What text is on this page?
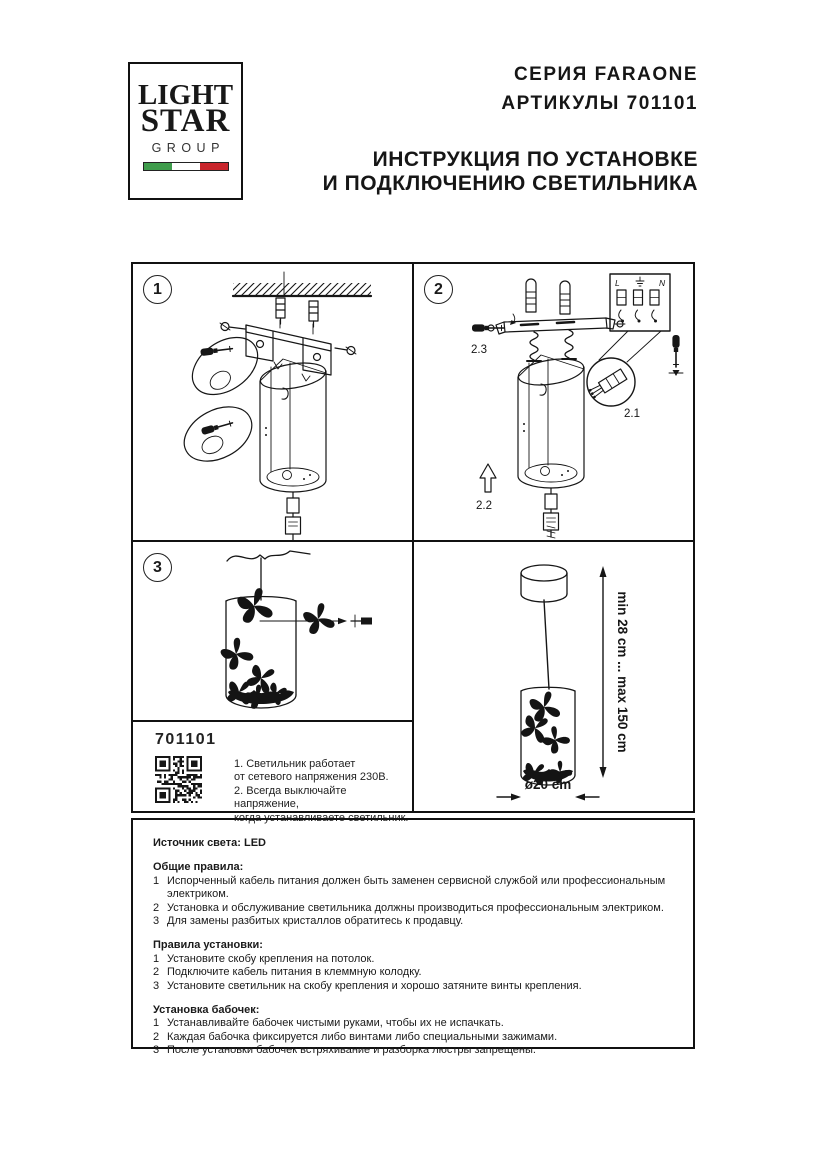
LIGHT
STAR
GROUP
СЕРИЯ FARAONE
АРТИКУЛЫ 701101
ИНСТРУКЦИЯ ПО УСТАНОВКЕ
И ПОДКЛЮЧЕНИЮ СВЕТИЛЬНИКА
1	2
2.3
L	N
2.1
2.2
3
701101
1. Светильник работает
от сетевого напряжения 230В.
2. Всегда выключайте напряжение,
когда устанавливаете светильник.
min 28 cm ... max 150 cm
ø20 cm
Источник света: LED
Общие правила:
1 Испорченный кабель питания должен быть заменен сервисной службой или профессиональным электриком.
2 Установка и обслуживание светильника должны производиться профессиональным электриком.
3 Для замены разбитых кристаллов обратитесь к продавцу.
Правила установки:
1 Установите скобу крепления на потолок.
2 Подключите кабель питания в клеммную колодку.
3 Установите светильник на скобу крепления и хорошо затяните винты крепления.
Установка бабочек:
1 Устанавливайте бабочек чистыми руками, чтобы их не испачкать.
2 Каждая бабочка фиксируется либо винтами либо специальными зажимами.
3 После установки бабочек встряхивание и разборка люстры запрещены.
